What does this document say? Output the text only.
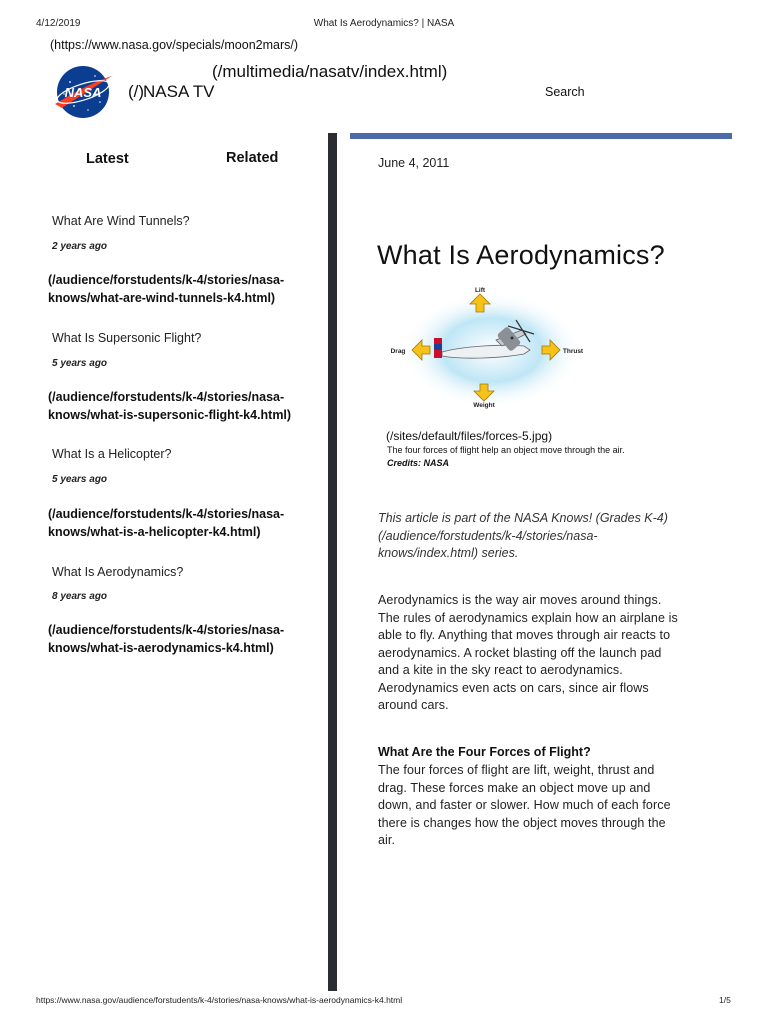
4/12/2019	What Is Aerodynamics? | NASA
(https://www.nasa.gov/specials/moon2mars/)
NASA (/)
(/multimedia/nasatv/index.html)
NASA TV	Search
Latest	Related
What Are Wind Tunnels?
2 years ago
(/audience/forstudents/k-4/stories/nasa-
knows/what-are-wind-tunnels-k4.html)
What Is Supersonic Flight?
5 years ago
(/audience/forstudents/k-4/stories/nasa-
knows/what-is-supersonic-flight-k4.html)
What Is a Helicopter?
5 years ago
(/audience/forstudents/k-4/stories/nasa-
knows/what-is-a-helicopter-k4.html)
What Is Aerodynamics?
8 years ago
(/audience/forstudents/k-4/stories/nasa-
knows/what-is-aerodynamics-k4.html)
June 4, 2011
What Is Aerodynamics?
Lift
Weight
Drag	Thrust
(/sites/default/files/forces-5.jpg)
The four forces of flight help an object move through the air.
Credits: NASA
This article is part of the NASA Knows! (Grades K-4)
(/audience/forstudents/k-4/stories/nasa-
knows/index.html) series.
Aerodynamics is the way air moves around things.
The rules of aerodynamics explain how an airplane is
able to fly. Anything that moves through air reacts to
aerodynamics. A rocket blasting off the launch pad
and a kite in the sky react to aerodynamics.
Aerodynamics even acts on cars, since air flows
around cars.
What Are the Four Forces of Flight?
The four forces of flight are lift, weight, thrust and
drag. These forces make an object move up and
down, and faster or slower. How much of each force
there is changes how the object moves through the
air.
https://www.nasa.gov/audience/forstudents/k-4/stories/nasa-knows/what-is-aerodynamics-k4.html	1/5
